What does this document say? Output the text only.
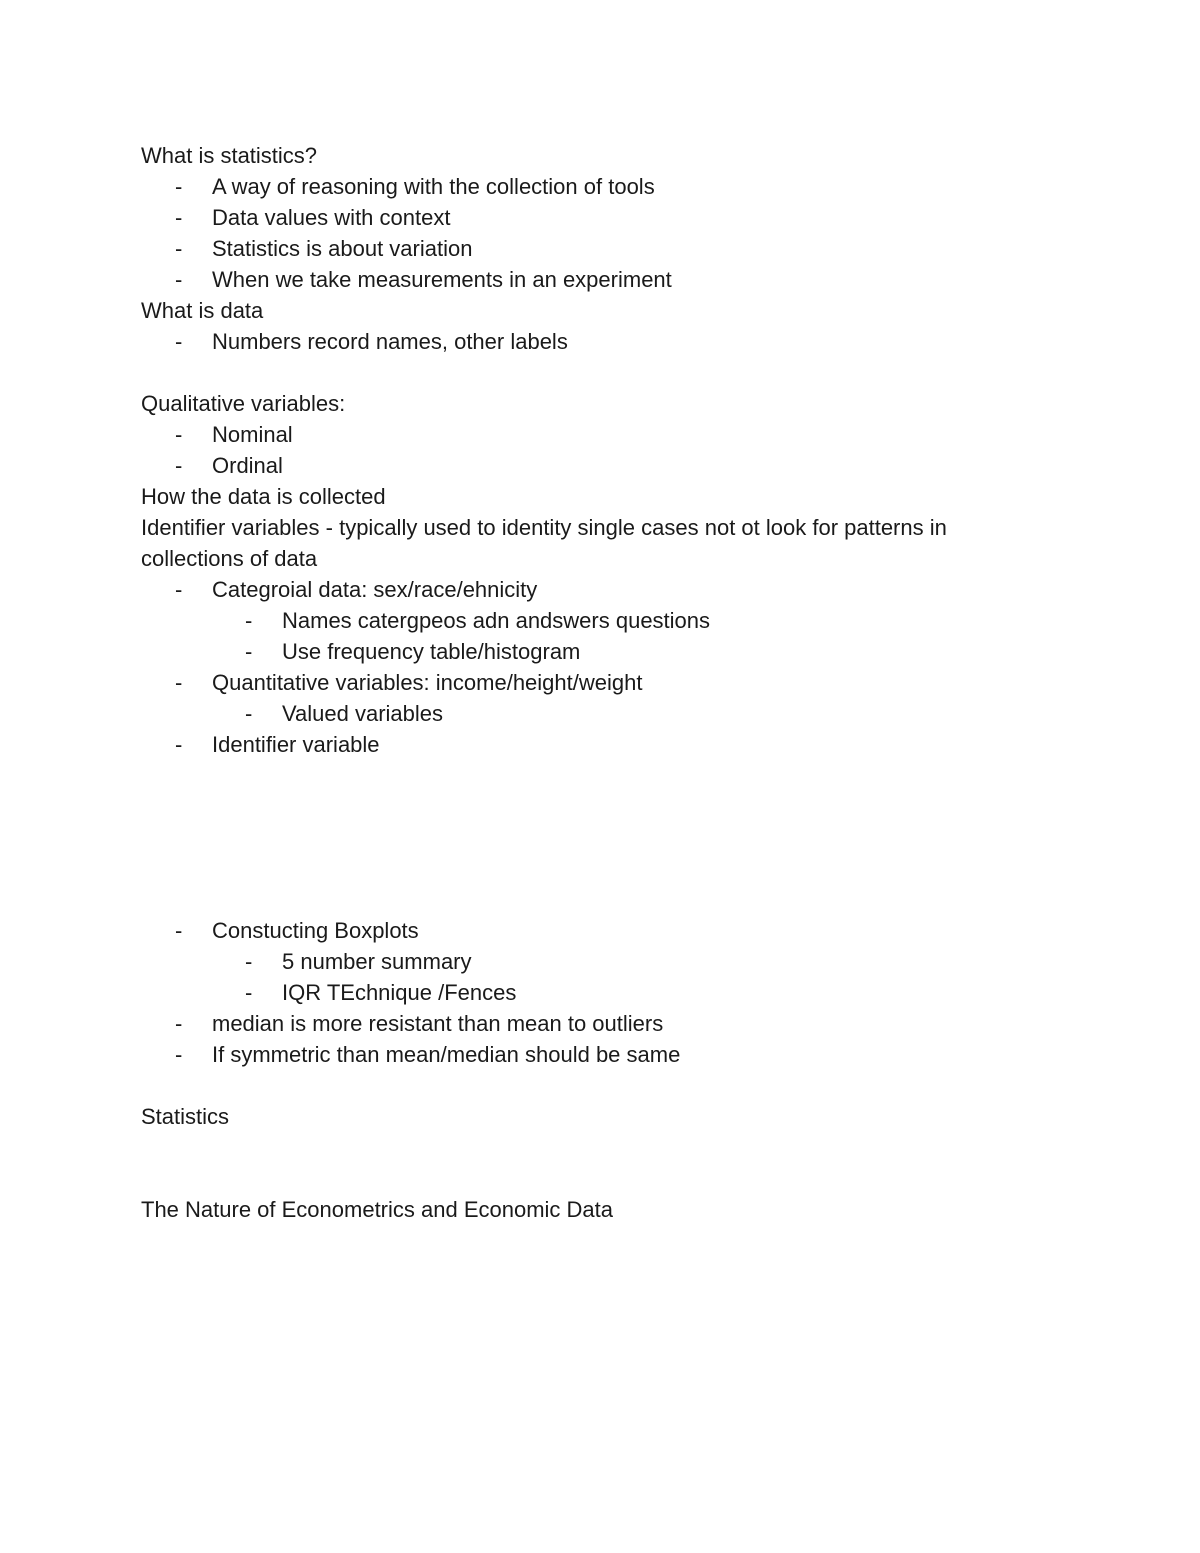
What is statistics?
- A way of reasoning with the collection of tools
- Data values with context
- Statistics is about variation
- When we take measurements in an experiment
What is data
- Numbers record names, other labels
Qualitative variables:
- Nominal
- Ordinal
How the data is collected
Identifier variables - typically used to identity single cases not ot look for patterns in
collections of data
- Categroial data: sex/race/ehnicity
- Names catergpeos adn andswers questions
- Use frequency table/histogram
- Quantitative variables: income/height/weight
- Valued variables
- Identifier variable
- Constucting Boxplots
- 5 number summary
- IQR TEchnique /Fences
- median is more resistant than mean to outliers
- If symmetric than mean/median should be same
Statistics
The Nature of Econometrics and Economic Data
